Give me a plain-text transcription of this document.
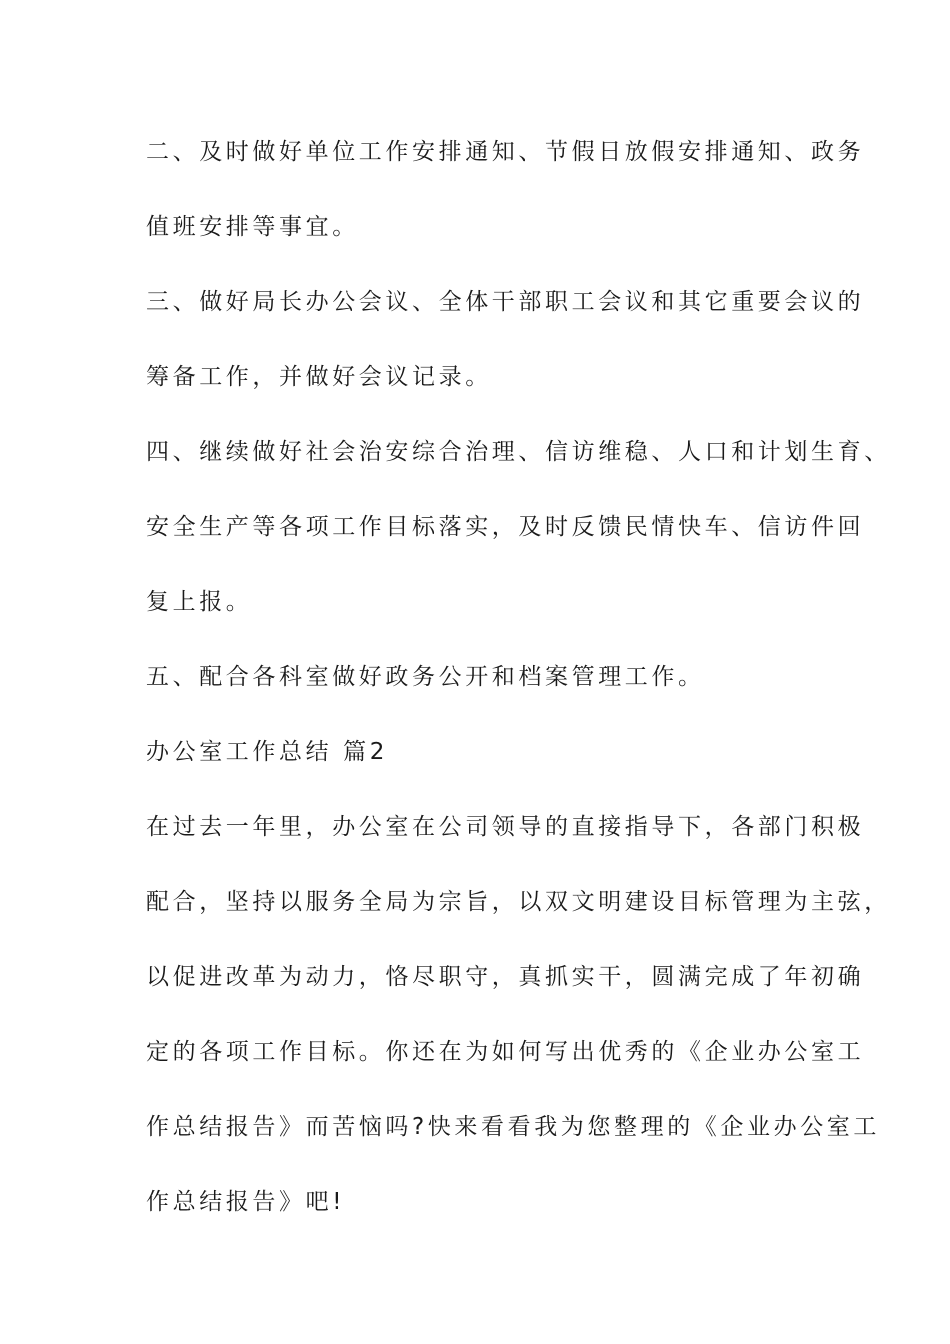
二、及时做好单位工作安排通知、节假日放假安排通知、政务
值班安排等事宜。
三、做好局长办公会议、全体干部职工会议和其它重要会议的
筹备工作，并做好会议记录。
四、继续做好社会治安综合治理、信访维稳、人口和计划生育、
安全生产等各项工作目标落实，及时反馈民情快车、信访件回
复上报。
五、配合各科室做好政务公开和档案管理工作。
办公室工作总结 篇2
在过去一年里，办公室在公司领导的直接指导下，各部门积极
配合，坚持以服务全局为宗旨，以双文明建设目标管理为主弦，
以促进改革为动力，恪尽职守，真抓实干，圆满完成了年初确
定的各项工作目标。你还在为如何写出优秀的《企业办公室工
作总结报告》而苦恼吗?快来看看我为您整理的《企业办公室工
作总结报告》吧!
